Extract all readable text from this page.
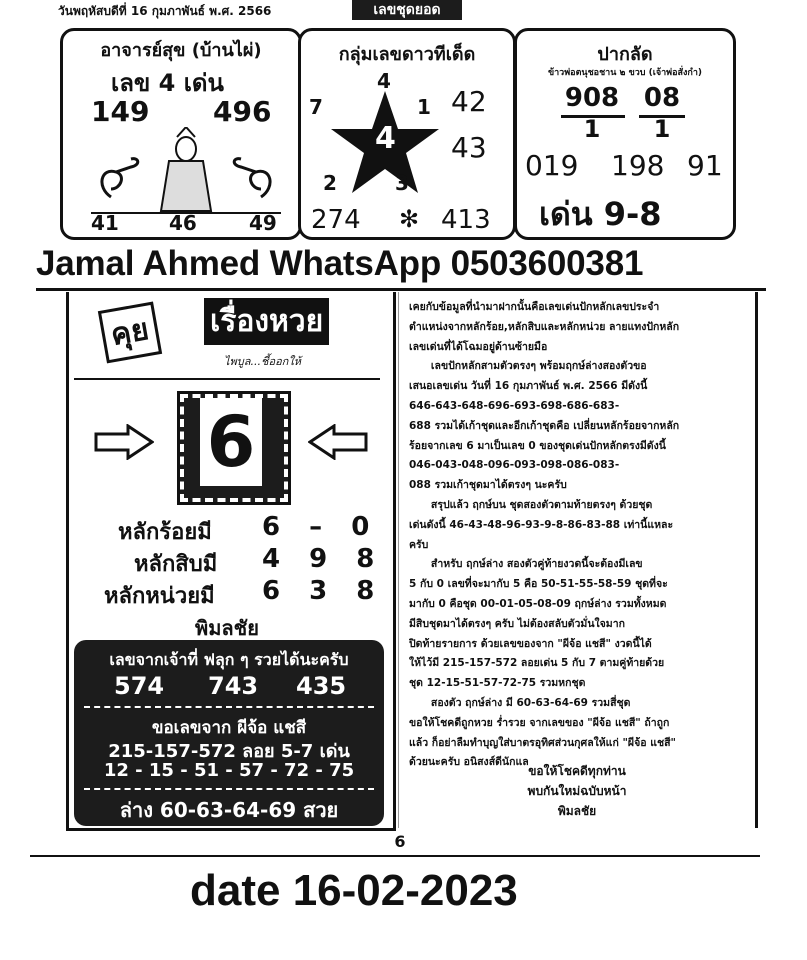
วันพฤหัสบดีที่ 16 กุมภาพันธ์ พ.ศ. 2566	เลขชุดยอด
อาจารย์สุข (บ้านไผ่)
เลข 4 เด่น
149 496
41	46	49
กลุ่มเลขดาวทีเด็ด
4
4
7	1
2	3
42
43
274 ✻ 413
ปากลัด
ข้าวพ่อตนุชอชาน ๒ ขวบ (เจ้าพ่อสั่งกำ)
908
1
08
1
019 198 91
เด่น 9-8
Jamal Ahmed WhatsApp 0503600381
คุย	เรื่องหวย
ไพบูล...ชี้ออกให้
6
หลักร้อยมี 6 – 0
หลักสิบมี 4 9 8
หลักหน่วยมี 6 3 8
พิมลชัย
เลขจากเจ้าที่ ฟลุก ๆ รวยได้นะครับ
574 743 435
ขอเลขจาก ผีจ้อ แชสี
215-157-572 ลอย 5-7 เด่น
12 - 15 - 51 - 57 - 72 - 75
ล่าง 60-63-64-69 สวย
เคยกับข้อมูลที่นำมาฝากนั้นคือเลขเด่นปักหลักเลขประจำ
ตำแหน่งจากหลักร้อย,หลักสิบและหลักหน่วย ลายแทงปักหลัก
เลขเด่นที่ได้โฉมอยู่ด้านซ้ายมือ
เลขปักหลักสามตัวตรงๆ พร้อมฤกษ์ล่างสองตัวขอ
เสนอเลขเด่น วันที่ 16 กุมภาพันธ์ พ.ศ. 2566 มีดังนี้
646-643-648-696-693-698-686-683-
688 รวมได้เก้าชุดและอีกเก้าชุดคือ เปลี่ยนหลักร้อยจากหลัก
ร้อยจากเลข 6 มาเป็นเลข 0 ของชุดเด่นปักหลักตรงมีดังนี้
046-043-048-096-093-098-086-083-
088 รวมเก้าชุดมาได้ตรงๆ นะครับ
สรุปแล้ว ฤกษ์บน ชุดสองตัวตามท้ายตรงๆ ด้วยชุด
เด่นดังนี้ 46-43-48-96-93-9-8-86-83-88 เท่านี้แหละ
ครับ
สำหรับ ฤกษ์ล่าง สองตัวคู่ท้ายงวดนี้จะต้องมีเลข
5 กับ 0 เลขที่จะมากับ 5 คือ 50-51-55-58-59 ชุดที่จะ
มากับ 0 คือชุด 00-01-05-08-09 ฤกษ์ล่าง รวมทั้งหมด
มีสิบชุดมาได้ตรงๆ ครับ ไม่ต้องสลับตัวมั่นใจมาก
ปิดท้ายรายการ ด้วยเลขของจาก "ผีจ้อ แชสี" งวดนี้ได้
ให้ไว้มี 215-157-572 ลอยเด่น 5 กับ 7 ตามคู่ท้ายด้วย
ชุด 12-15-51-57-72-75 รวมหกชุด
สองตัว ฤกษ์ล่าง มี 60-63-64-69 รวมสี่ชุด
ขอให้โชคดีถูกหวย ร่ำรวย จากเลขของ "ผีจ้อ แชสี" ถ้าถูก
แล้ว ก็อย่าลืมทำบุญใส่บาตรอุทิศส่วนกุศลให้แก่ "ผีจ้อ แชสี"
ด้วยนะครับ อนิสงส์ดีนักแล
ขอให้โชคดีทุกท่าน
พบกันใหม่ฉบับหน้า
พิมลชัย
6
date 16-02-2023
